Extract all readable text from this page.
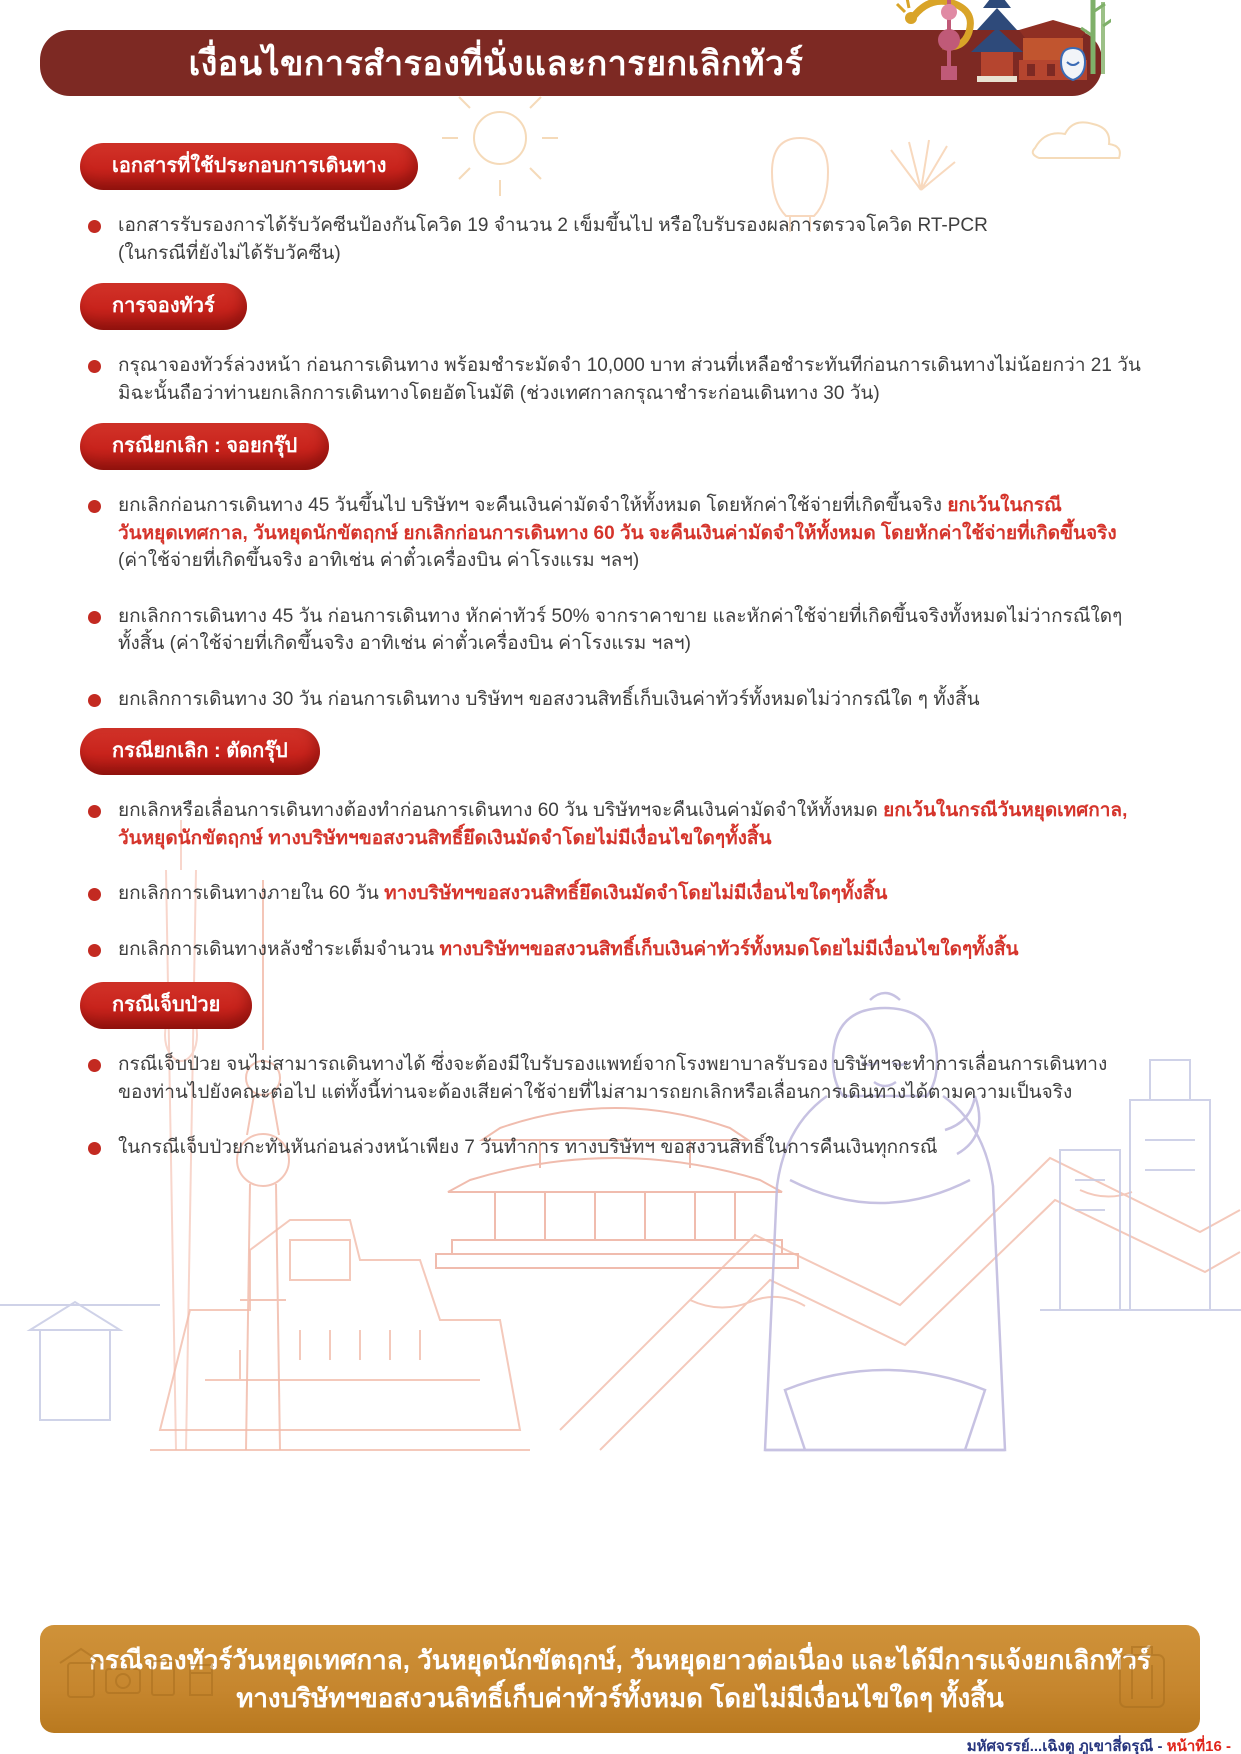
เงื่อนไขการสำรองที่นั่งและการยกเลิกทัวร์
เอกสารที่ใช้ประกอบการเดินทาง

เอกสารรับรองการได้รับวัคซีนป้องกันโควิด 19 จำนวน 2 เข็มขึ้นไป หรือใบรับรองผลการตรวจโควิด RT-PCR
(ในกรณีที่ยังไม่ได้รับวัคซีน)

การจองทัวร์

กรุณาจองทัวร์ล่วงหน้า ก่อนการเดินทาง พร้อมชำระมัดจำ 10,000 บาท ส่วนที่เหลือชำระทันทีก่อนการเดินทางไม่น้อยกว่า 21 วัน
มิฉะนั้นถือว่าท่านยกเลิกการเดินทางโดยอัตโนมัติ (ช่วงเทศกาลกรุณาชำระก่อนเดินทาง 30 วัน)

กรณียกเลิก : จอยกรุ๊ป

ยกเลิกก่อนการเดินทาง 45 วันขึ้นไป บริษัทฯ จะคืนเงินค่ามัดจำให้ทั้งหมด โดยหักค่าใช้จ่ายที่เกิดขึ้นจริง ยกเว้นในกรณี
วันหยุดเทศกาล, วันหยุดนักขัตฤกษ์ ยกเลิกก่อนการเดินทาง 60 วัน จะคืนเงินค่ามัดจำให้ทั้งหมด โดยหักค่าใช้จ่ายที่เกิดขึ้นจริง
(ค่าใช้จ่ายที่เกิดขึ้นจริง อาทิเช่น ค่าตั๋วเครื่องบิน ค่าโรงแรม ฯลฯ)

ยกเลิกการเดินทาง 45 วัน ก่อนการเดินทาง หักค่าทัวร์ 50% จากราคาขาย และหักค่าใช้จ่ายที่เกิดขึ้นจริงทั้งหมดไม่ว่ากรณีใดๆ
ทั้งสิ้น (ค่าใช้จ่ายที่เกิดขึ้นจริง อาทิเช่น ค่าตั๋วเครื่องบิน ค่าโรงแรม ฯลฯ)

ยกเลิกการเดินทาง 30 วัน ก่อนการเดินทาง บริษัทฯ ขอสงวนสิทธิ์เก็บเงินค่าทัวร์ทั้งหมดไม่ว่ากรณีใด ๆ ทั้งสิ้น

กรณียกเลิก : ตัดกรุ๊ป

ยกเลิกหรือเลื่อนการเดินทางต้องทำก่อนการเดินทาง 60 วัน บริษัทฯจะคืนเงินค่ามัดจำให้ทั้งหมด ยกเว้นในกรณีวันหยุดเทศกาล,
วันหยุดนักขัตฤกษ์ ทางบริษัทฯขอสงวนสิทธิ์ยึดเงินมัดจำโดยไม่มีเงื่อนไขใดๆทั้งสิ้น

ยกเลิกการเดินทางภายใน 60 วัน ทางบริษัทฯขอสงวนสิทธิ์ยึดเงินมัดจำโดยไม่มีเงื่อนไขใดๆทั้งสิ้น

ยกเลิกการเดินทางหลังชำระเต็มจำนวน ทางบริษัทฯขอสงวนสิทธิ์เก็บเงินค่าทัวร์ทั้งหมดโดยไม่มีเงื่อนไขใดๆทั้งสิ้น

กรณีเจ็บป่วย

กรณีเจ็บป่วย จนไม่สามารถเดินทางได้ ซึ่งจะต้องมีใบรับรองแพทย์จากโรงพยาบาลรับรอง บริษัทฯจะทำการเลื่อนการเดินทาง
ของท่านไปยังคณะต่อไป แต่ทั้งนี้ท่านจะต้องเสียค่าใช้จ่ายที่ไม่สามารถยกเลิกหรือเลื่อนการเดินทางได้ตามความเป็นจริง

ในกรณีเจ็บป่วยกะทันหันก่อนล่วงหน้าเพียง 7 วันทำการ ทางบริษัทฯ ขอสงวนสิทธิ์ในการคืนเงินทุกกรณี

กรณีจองทัวร์วันหยุดเทศกาล, วันหยุดนักขัตฤกษ์, วันหยุดยาวต่อเนื่อง และได้มีการแจ้งยกเลิกทัวร์
ทางบริษัทฯขอสงวนลิทธิ์เก็บค่าทัวร์ทั้งหมด โดยไม่มีเงื่อนไขใดๆ ทั้งสิ้น
มหัศจรรย์...เฉิงตู ภูเขาสี่ดรุณี - หน้าที่16 -
